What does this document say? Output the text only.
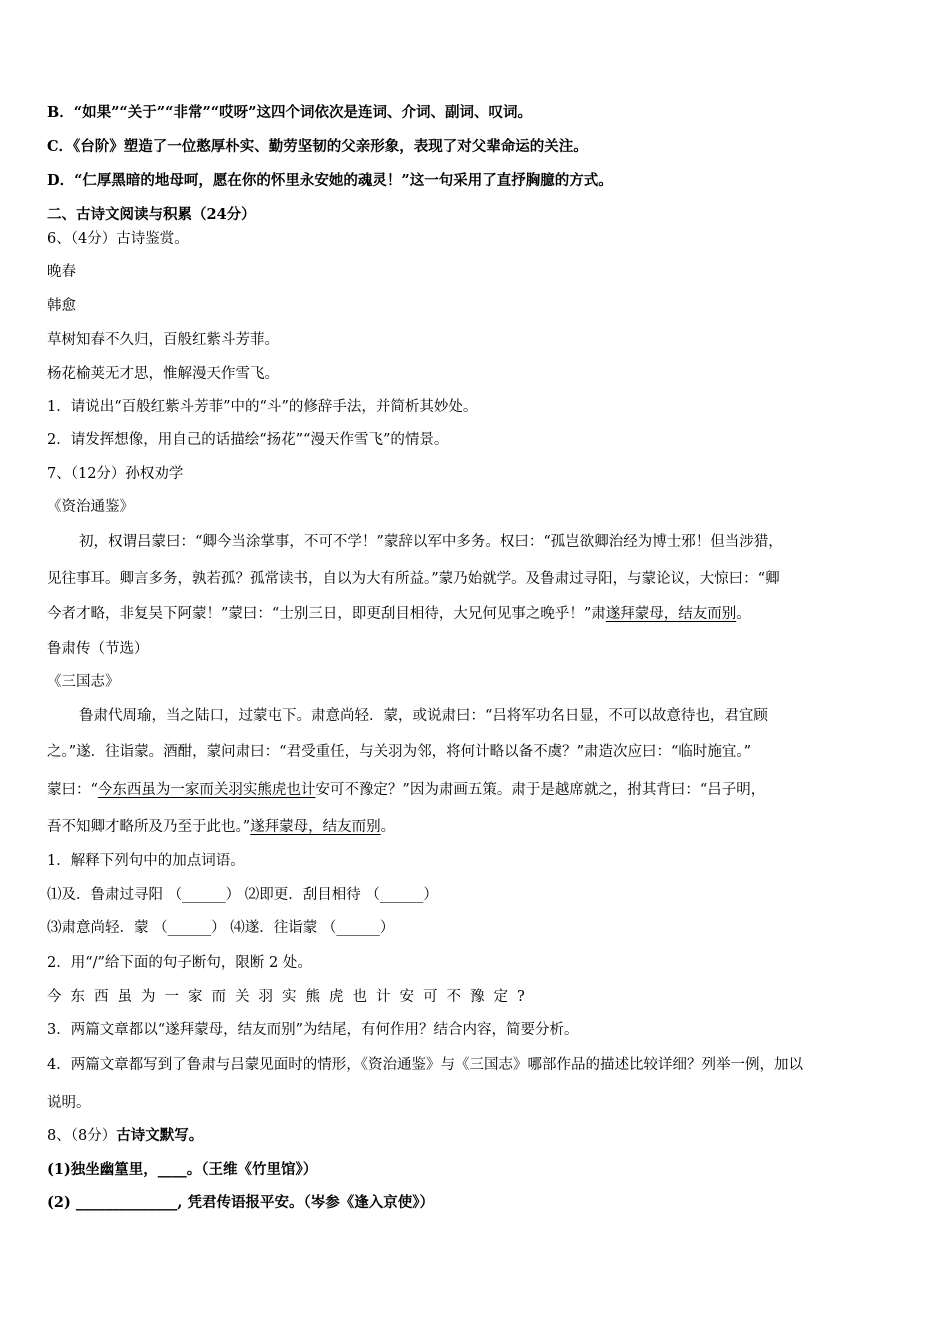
B．“如果”“关于”“非常”“哎呀”这四个词依次是连词、介词、副词、叹词。
C．《台阶》塑造了一位憨厚朴实、勤劳坚韧的父亲形象，表现了对父辈命运的关注。
D．“仁厚黑暗的地母呵，愿在你的怀里永安她的魂灵！”这一句采用了直抒胸臆的方式。
二、古诗文阅读与积累（24分）
6、（4分）古诗鉴赏。
晚春
韩愈
草树知春不久归，百般红紫斗芳菲。
杨花榆荚无才思，惟解漫天作雪飞。
1．请说出“百般红紫斗芳菲”中的“斗”的修辞手法，并简析其妙处。
2．请发挥想像，用自己的话描绘“扬花”“漫天作雪飞”的情景。
7、（12分）孙权劝学
《资治通鉴》
初，权谓吕蒙曰：“卿今当涂掌事，不可不学！”蒙辞以军中多务。权曰：“孤岂欲卿治经为博士邪！但当涉猎，
见往事耳。卿言多务，孰若孤？孤常读书，自以为大有所益。”蒙乃始就学。及鲁肃过寻阳，与蒙论议，大惊曰：“卿
今者才略，非复吴下阿蒙！”蒙曰：“士别三日，即更刮目相待，大兄何见事之晚乎！”肃遂拜蒙母，结友而别。
鲁肃传（节选）
《三国志》
鲁肃代周瑜，当之陆口，过蒙屯下。肃意尚轻．蒙，或说肃曰：“吕将军功名日显，不可以故意待也，君宜顾
之。”遂．往诣蒙。酒酣，蒙问肃曰：“君受重任，与关羽为邻，将何计略以备不虞？”肃造次应曰：“临时施宜。”
蒙曰：“今东西虽为一家而关羽实熊虎也计安可不豫定？”因为肃画五策。肃于是越席就之，拊其背曰：“吕子明，
吾不知卿才略所及乃至于此也。”遂拜蒙母，结友而别。
1．解释下列句中的加点词语。
⑴及．鲁肃过寻阳 （______） ⑵即更．刮目相待 （______）
⑶肃意尚轻．蒙 （______） ⑷遂．往诣蒙 （______）
2．用“/”给下面的句子断句，限断 2 处。
今东西虽为一家而关羽实熊虎也计安可不豫定?
3．两篇文章都以“遂拜蒙母，结友而别”为结尾，有何作用？结合内容，简要分析。
4．两篇文章都写到了鲁肃与吕蒙见面时的情形，《资治通鉴》与《三国志》哪部作品的描述比较详细？列举一例，加以
说明。
8、（8分）古诗文默写。
(1)独坐幽篁里，____。（王维《竹里馆》）
(2) ______________, 凭君传语报平安。（岑参《逢入京使》）
